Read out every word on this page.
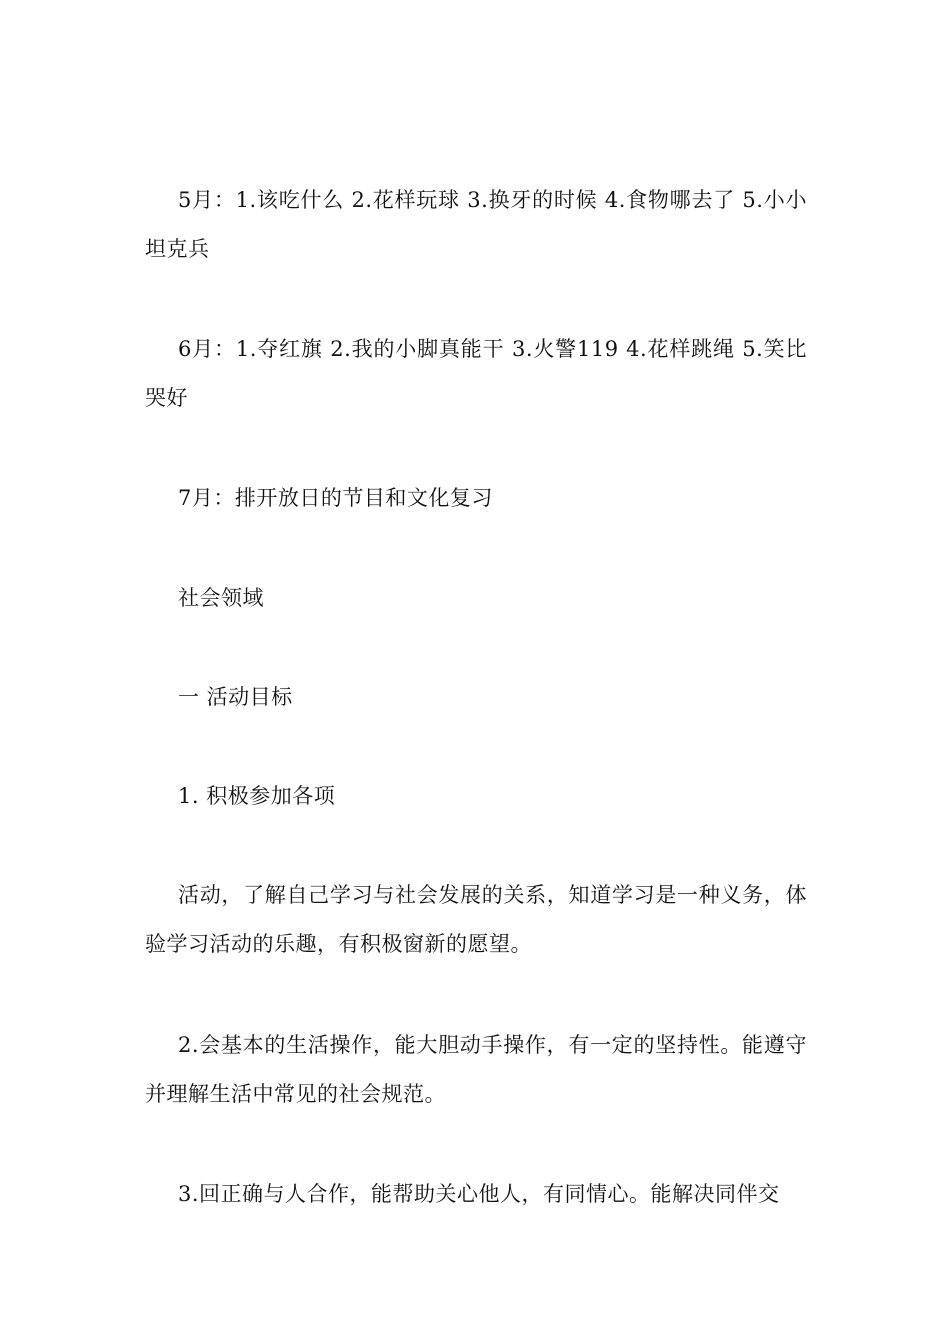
5月：1.该吃什么 2.花样玩球 3.换牙的时候 4.食物哪去了 5.小小坦克兵

6月：1.夺红旗 2.我的小脚真能干 3.火警119 4.花样跳绳 5.笑比哭好

7月：排开放日的节目和文化复习

社会领域

一 活动目标

1. 积极参加各项

活动，了解自己学习与社会发展的关系，知道学习是一种义务，体验学习活动的乐趣，有积极窗新的愿望。

2.会基本的生活操作，能大胆动手操作，有一定的坚持性。能遵守并理解生活中常见的社会规范。

3.回正确与人合作，能帮助关心他人，有同情心。能解决同伴交
